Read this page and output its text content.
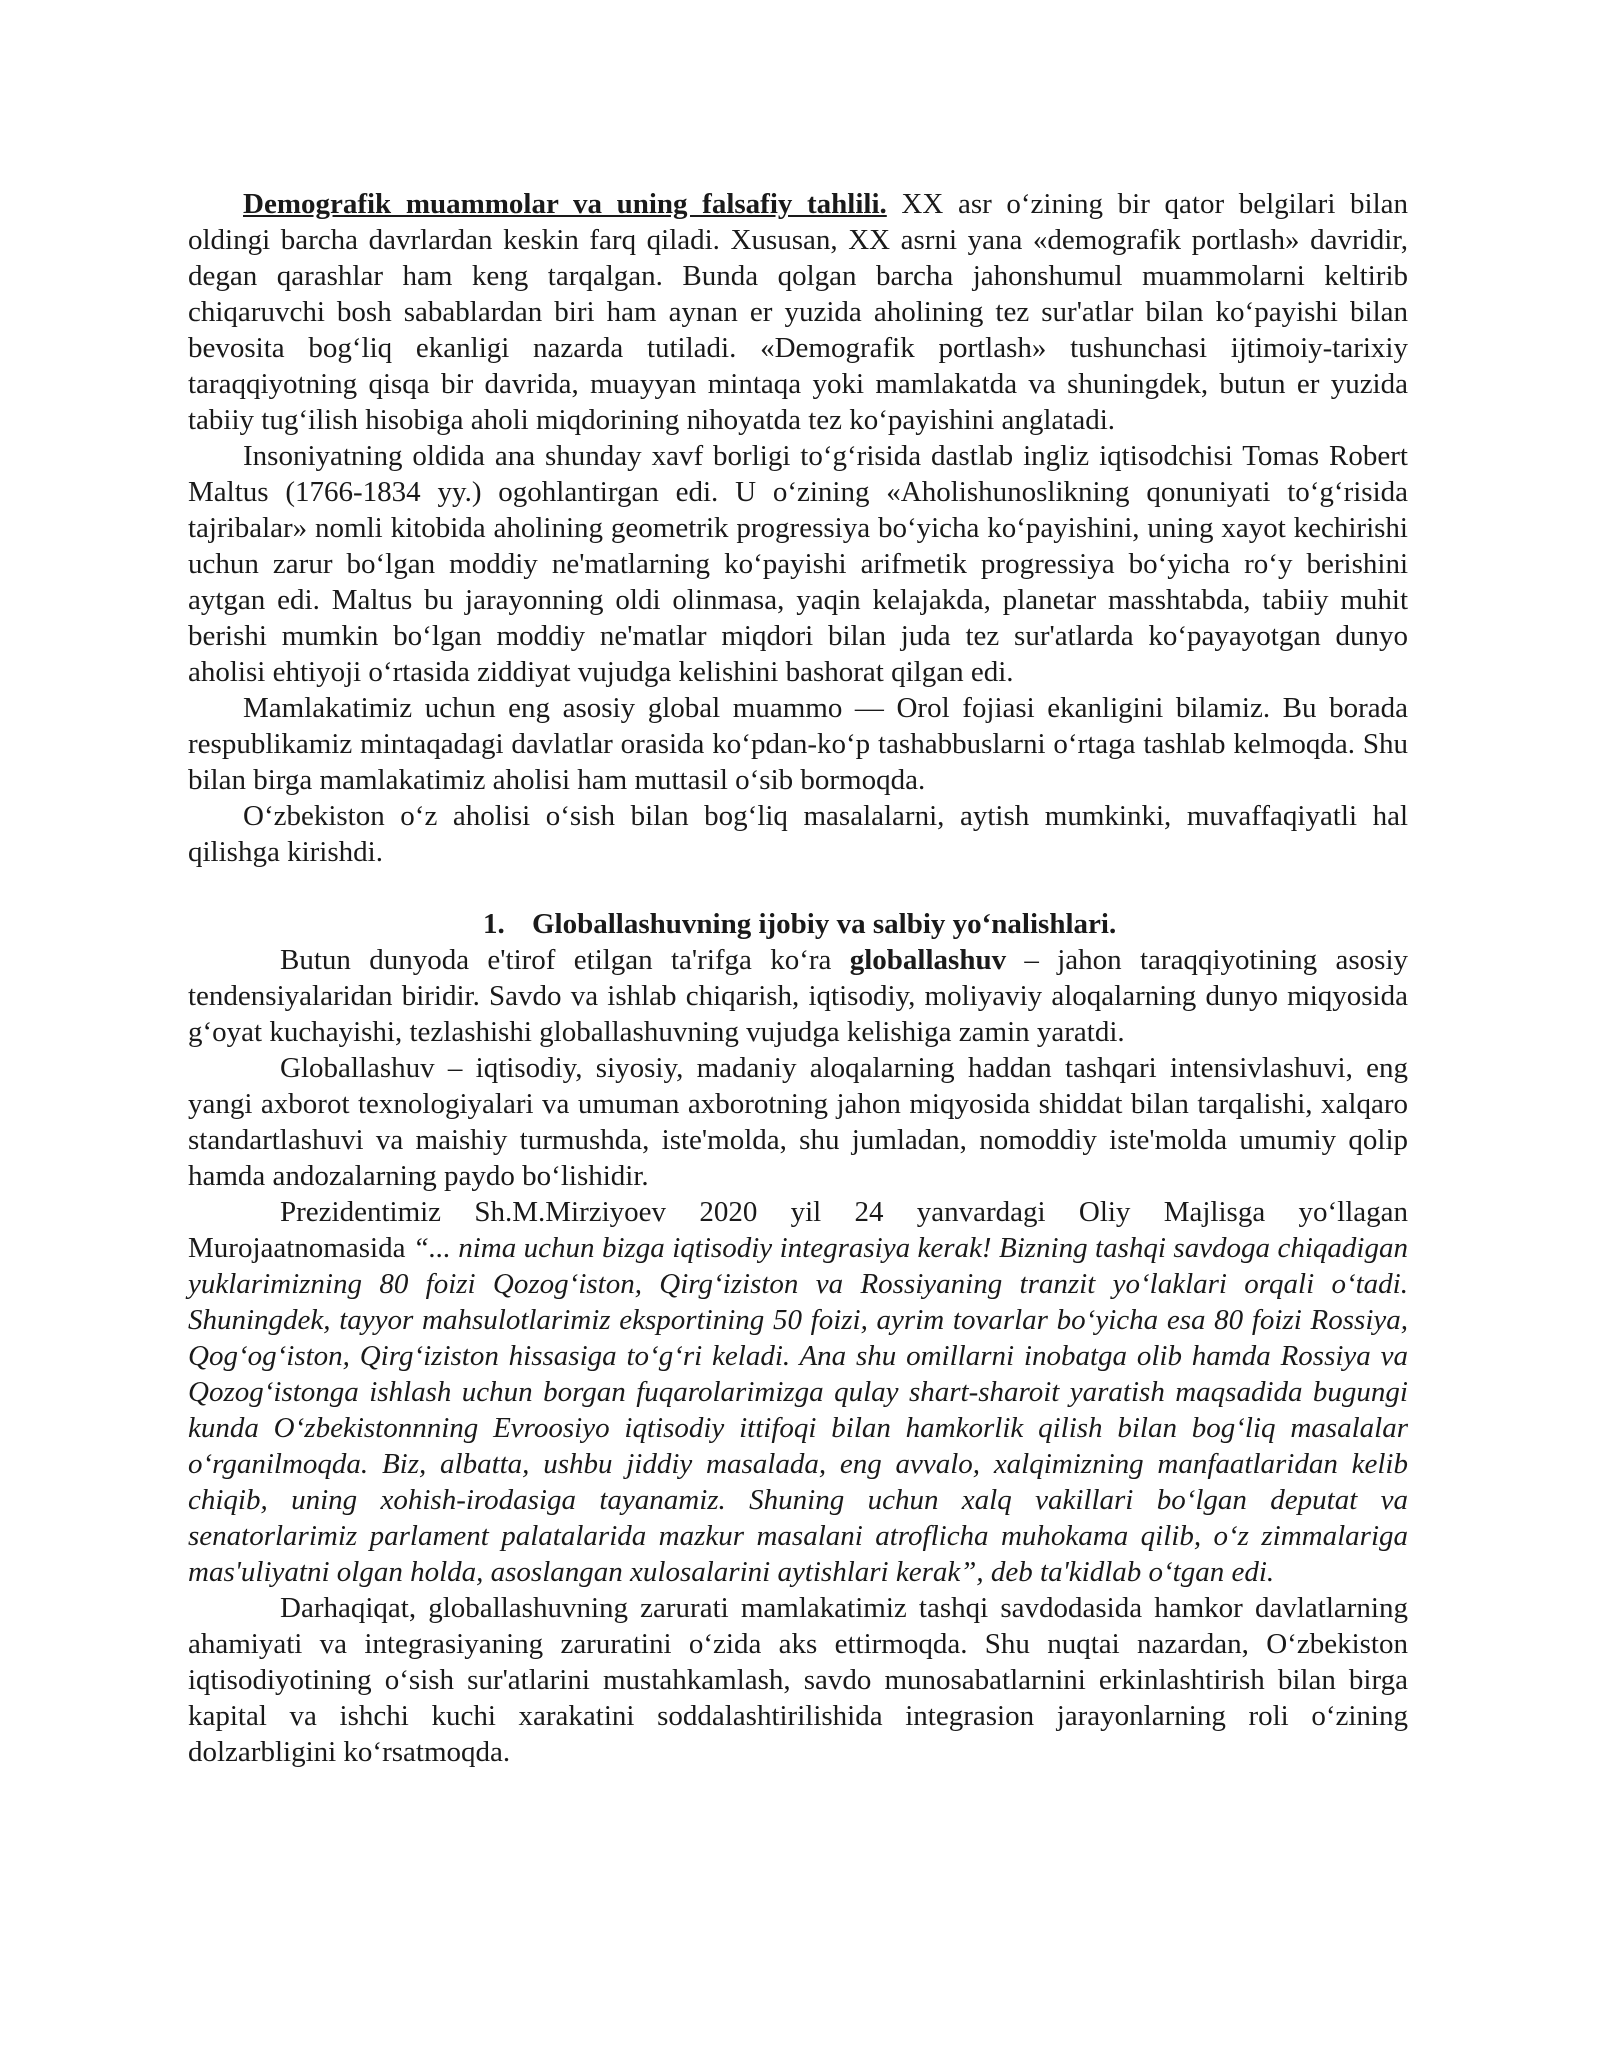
Demografik muammolar va uning falsafiy tahlili. XX asr o‘zining bir qator belgilari bilan oldingi barcha davrlardan keskin farq qiladi. Xususan, XX asrni yana «demografik portlash» davridir, degan qarashlar ham keng tarqalgan. Bunda qolgan barcha jahonshumul muammolarni keltirib chiqaruvchi bosh sabablardan biri ham aynan er yuzida aholining tez sur'atlar bilan ko‘payishi bilan bevosita bog‘liq ekanligi nazarda tutiladi. «Demografik portlash» tushunchasi ijtimoiy-tarixiy taraqqiyotning qisqa bir davrida, muayyan mintaqa yoki mamlakatda va shuningdek, butun er yuzida tabiiy tug‘ilish hisobiga aholi miqdorining nihoyatda tez ko‘payishini anglatadi.

Insoniyatning oldida ana shunday xavf borligi to‘g‘risida dastlab ingliz iqtisodchisi Tomas Robert Maltus (1766-1834 yy.) ogohlantirgan edi. U o‘zining «Aholishunoslikning qonuniyati to‘g‘risida tajribalar» nomli kitobida aholining geometrik progressiya bo‘yicha ko‘payishini, uning xayot kechirishi uchun zarur bo‘lgan moddiy ne'matlarning ko‘payishi arifmetik progressiya bo‘yicha ro‘y berishini aytgan edi. Maltus bu jarayonning oldi olinmasa, yaqin kelajakda, planetar masshtabda, tabiiy muhit berishi mumkin bo‘lgan moddiy ne'matlar miqdori bilan juda tez sur'atlarda ko‘payayotgan dunyo aholisi ehtiyoji o‘rtasida ziddiyat vujudga kelishini bashorat qilgan edi.

Mamlakatimiz uchun eng asosiy global muammo — Orol fojiasi ekanligini bilamiz. Bu borada respublikamiz mintaqadagi davlatlar orasida ko‘pdan-ko‘p tashabbuslarni o‘rtaga tashlab kelmoqda. Shu bilan birga mamlakatimiz aholisi ham muttasil o‘sib bormoqda.

O‘zbekiston o‘z aholisi o‘sish bilan bog‘liq masalalarni, aytish mumkinki, muvaffaqiyatli hal qilishga kirishdi.

1. Globallashuvning ijobiy va salbiy yo‘nalishlari.

Butun dunyoda e'tirof etilgan ta'rifga ko‘ra globallashuv – jahon taraqqiyotining asosiy tendensiyalaridan biridir. Savdo va ishlab chiqarish, iqtisodiy, moliyaviy aloqalarning dunyo miqyosida g‘oyat kuchayishi, tezlashishi globallashuvning vujudga kelishiga zamin yaratdi.

Globallashuv – iqtisodiy, siyosiy, madaniy aloqalarning haddan tashqari intensivlashuvi, eng yangi axborot texnologiyalari va umuman axborotning jahon miqyosida shiddat bilan tarqalishi, xalqaro standartlashuvi va maishiy turmushda, iste'molda, shu jumladan, nomoddiy iste'molda umumiy qolip hamda andozalarning paydo bo‘lishidir.

Prezidentimiz Sh.M.Mirziyoev 2020 yil 24 yanvardagi Oliy Majlisga yo‘llagan Murojaatnomasida “... nima uchun bizga iqtisodiy integrasiya kerak! Bizning tashqi savdoga chiqadigan yuklarimizning 80 foizi Qozog‘iston, Qirg‘iziston va Rossiyaning tranzit yo‘laklari orqali o‘tadi. Shuningdek, tayyor mahsulotlarimiz eksportining 50 foizi, ayrim tovarlar bo‘yicha esa 80 foizi Rossiya, Qog‘og‘iston, Qirg‘iziston hissasiga to‘g‘ri keladi. Ana shu omillarni inobatga olib hamda Rossiya va Qozog‘istonga ishlash uchun borgan fuqarolarimizga qulay shart-sharoit yaratish maqsadida bugungi kunda O‘zbekistonnning Evroosiyo iqtisodiy ittifoqi bilan hamkorlik qilish bilan bog‘liq masalalar o‘rganilmoqda. Biz, albatta, ushbu jiddiy masalada, eng avvalo, xalqimizning manfaatlaridan kelib chiqib, uning xohish-irodasiga tayanamiz. Shuning uchun xalq vakillari bo‘lgan deputat va senatorlarimiz parlament palatalarida mazkur masalani atroflicha muhokama qilib, o‘z zimmalariga mas'uliyatni olgan holda, asoslangan xulosalarini aytishlari kerak”, deb ta'kidlab o‘tgan edi.

Darhaqiqat, globallashuvning zarurati mamlakatimiz tashqi savdodasida hamkor davlatlarning ahamiyati va integrasiyaning zaruratini o‘zida aks ettirmoqda. Shu nuqtai nazardan, O‘zbekiston iqtisodiyotining o‘sish sur'atlarini mustahkamlash, savdo munosabatlarnini erkinlashtirish bilan birga kapital va ishchi kuchi xarakatini soddalashtirilishida integrasion jarayonlarning roli o‘zining dolzarbligini ko‘rsatmoqda.
